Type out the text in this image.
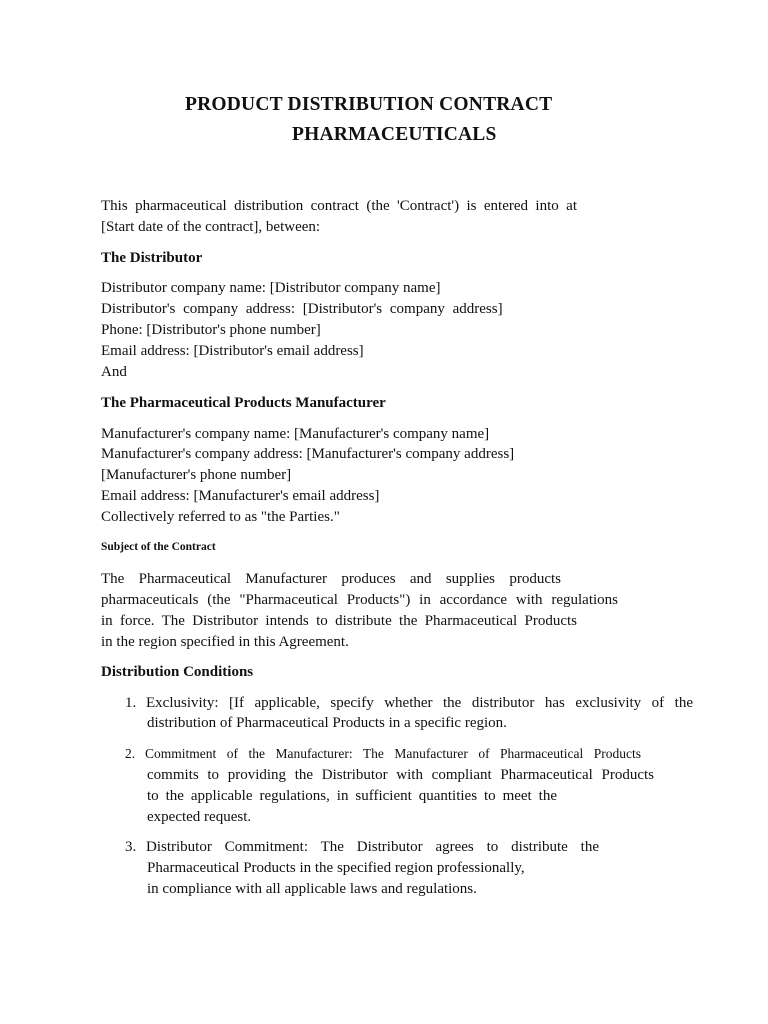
PRODUCT DISTRIBUTION CONTRACT
PHARMACEUTICALS
This pharmaceutical distribution contract (the 'Contract') is entered into at
[Start date of the contract], between:
The Distributor
Distributor company name: [Distributor company name]
Distributor's company address: [Distributor's company address]
Phone: [Distributor's phone number]
Email address: [Distributor's email address]
And
The Pharmaceutical Products Manufacturer
Manufacturer's company name: [Manufacturer's company name]
Manufacturer's company address: [Manufacturer's company address]
[Manufacturer's phone number]
Email address: [Manufacturer's email address]
Collectively referred to as "the Parties."
Subject of the Contract
The Pharmaceutical Manufacturer produces and supplies products
pharmaceuticals (the "Pharmaceutical Products") in accordance with regulations
in force. The Distributor intends to distribute the Pharmaceutical Products
in the region specified in this Agreement.
Distribution Conditions
1. Exclusivity: [If applicable, specify whether the distributor has exclusivity of the
distribution of Pharmaceutical Products in a specific region.
2. Commitment of the Manufacturer: The Manufacturer of Pharmaceutical Products
commits to providing the Distributor with compliant Pharmaceutical Products
to the applicable regulations, in sufficient quantities to meet the
expected request.
3. Distributor Commitment: The Distributor agrees to distribute the
Pharmaceutical Products in the specified region professionally,
in compliance with all applicable laws and regulations.
